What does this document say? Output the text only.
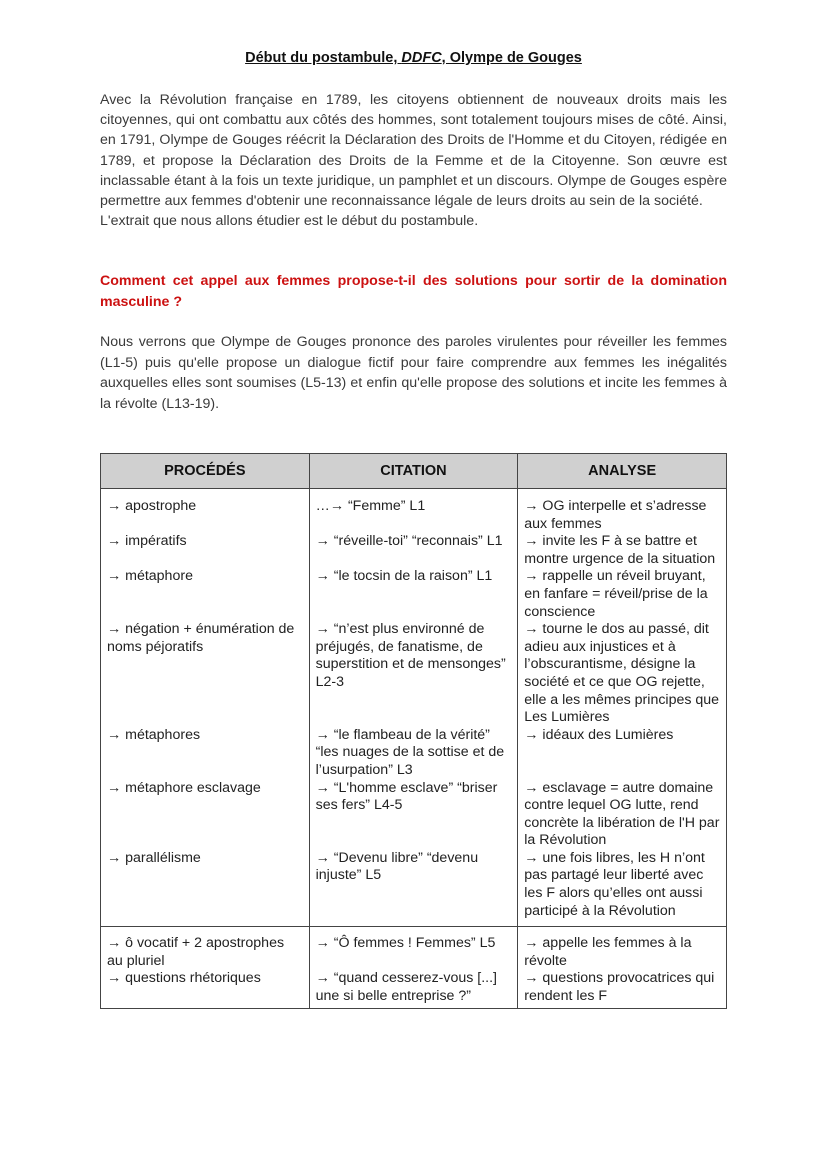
Début du postambule, DDFC, Olympe de Gouges

Avec la Révolution française en 1789, les citoyens obtiennent de nouveaux droits mais les citoyennes, qui ont combattu aux côtés des hommes, sont totalement toujours mises de côté. Ainsi, en 1791, Olympe de Gouges réécrit la Déclaration des Droits de l'Homme et du Citoyen, rédigée en 1789, et propose la Déclaration des Droits de la Femme et de la Citoyenne. Son œuvre est inclassable étant à la fois un texte juridique, un pamphlet et un discours. Olympe de Gouges espère permettre aux femmes d'obtenir une reconnaissance légale de leurs droits au sein de la société.

L'extrait que nous allons étudier est le début du postambule.

Comment cet appel aux femmes propose-t-il des solutions pour sortir de la domination masculine ?
Nous verrons que Olympe de Gouges prononce des paroles virulentes pour réveiller les femmes (L1-5) puis qu'elle propose un dialogue fictif pour faire comprendre aux femmes les inégalités auxquelles elles sont soumises (L5-13) et enfin qu'elle propose des solutions et incite les femmes à la révolte (L13-19).
PROCÉDÉS	CITATION	ANALYSE
→ apostrophe	…→ “Femme” L1	→ OG interpelle et s’adresse aux femmes
→ impératifs	→ “réveille-toi” “reconnais” L1	→ invite les F à se battre et montre urgence de la situation
→ métaphore	→ “le tocsin de la raison” L1	→ rappelle un réveil bruyant, en fanfare = réveil/prise de la conscience
→ négation + énumération de noms péjoratifs	→ “n’est plus environné de préjugés, de fanatisme, de superstition et de mensonges” L2-3	→ tourne le dos au passé, dit adieu aux injustices et à l’obscurantisme, désigne la société et ce que OG rejette, elle a les mêmes principes que Les Lumières
→ métaphores	→ “le flambeau de la vérité” “les nuages de la sottise et de l’usurpation” L3	→ idéaux des Lumières
→ métaphore esclavage	→ “L'homme esclave” “briser ses fers” L4-5	→ esclavage = autre domaine contre lequel OG lutte, rend concrète la libération de l'H par la Révolution
→ parallélisme	→ “Devenu libre” “devenu injuste” L5	→ une fois libres, les H n’ont pas partagé leur liberté avec les F alors qu’elles ont aussi participé à la Révolution
→ ô vocatif + 2 apostrophes au pluriel	→ “Ô femmes ! Femmes” L5	→ appelle les femmes à la révolte
→ questions rhétoriques	→ “quand cesserez-vous [...] une si belle entreprise ?”	→ questions provocatrices qui rendent les F
